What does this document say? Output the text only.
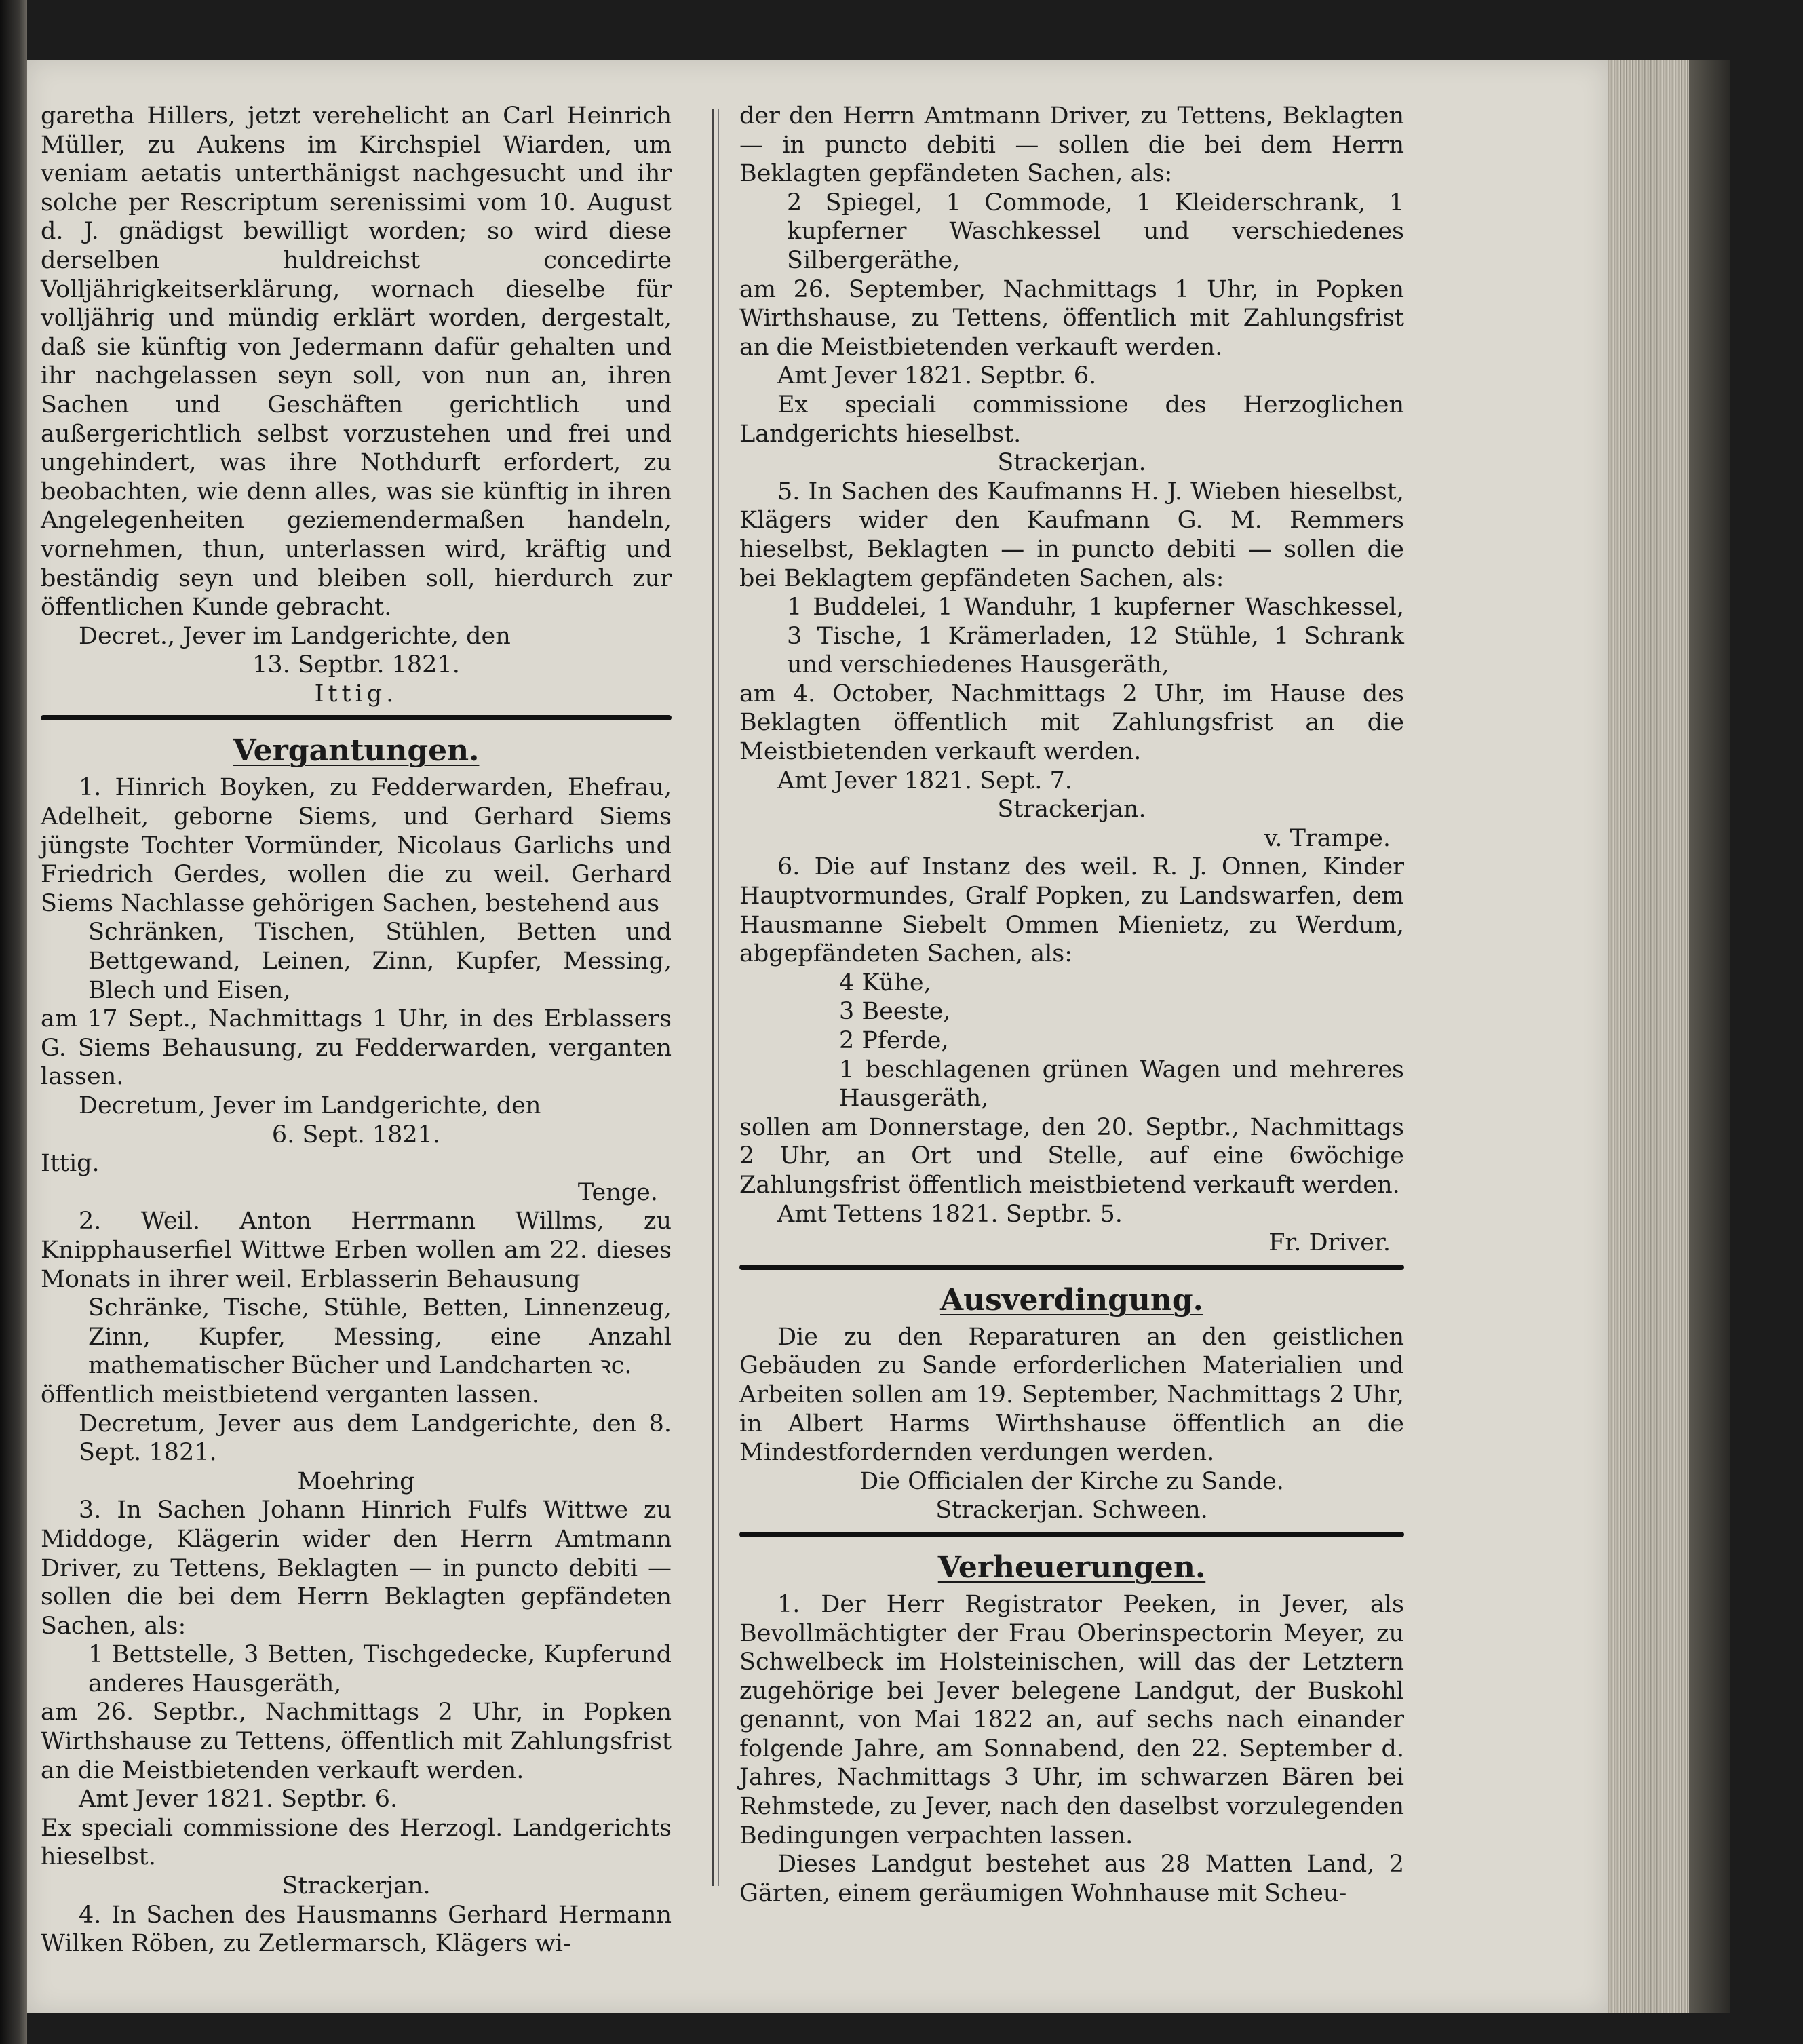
garetha Hillers, jetzt verehelicht an Carl Heinrich Müller, zu Aukens im Kirchspiel Wiarden, um veniam aetatis unterthänigst nachgesucht und ihr solche per Rescriptum serenissimi vom 10. August d. J. gnädigst bewilligt worden; so wird diese derselben huldreichst concedirte Volljährigkeitserklärung, wornach dieselbe für volljährig und mündig erklärt worden, dergestalt, daß sie künftig von Jedermann dafür gehalten und ihr nachgelassen seyn soll, von nun an, ihren Sachen und Geschäften gerichtlich und außergerichtlich selbst vorzustehen und frei und ungehindert, was ihre Nothdurft erfordert, zu beobachten, wie denn alles, was sie künftig in ihren Angelegenheiten geziemendermaßen handeln, vornehmen, thun, unterlassen wird, kräftig und beständig seyn und bleiben soll, hierdurch zur öffentlichen Kunde gebracht.

Decret., Jever im Landgerichte, den

13. Septbr. 1821.

Ittig.

Vergantungen.

1. Hinrich Boyken, zu Fedderwarden, Ehefrau, Adelheit, geborne Siems, und Gerhard Siems jüngste Tochter Vormünder, Nicolaus Garlichs und Friedrich Gerdes, wollen die zu weil. Gerhard Siems Nachlasse gehörigen Sachen, bestehend aus

Schränken, Tischen, Stühlen, Betten und Bettgewand, Leinen, Zinn, Kupfer, Messing, Blech und Eisen,

am 17 Sept., Nachmittags 1 Uhr, in des Erblassers G. Siems Behausung, zu Fedderwarden, verganten lassen.

Decretum, Jever im Landgerichte, den

6. Sept. 1821.

Ittig.

Tenge.

2. Weil. Anton Herrmann Willms, zu Knipphauserfiel Wittwe Erben wollen am 22. dieses Monats in ihrer weil. Erblasserin Behausung

Schränke, Tische, Stühle, Betten, Linnenzeug, Zinn, Kupfer, Messing, eine Anzahl mathematischer Bücher und Landcharten ꝛc.

öffentlich meistbietend verganten lassen.

Decretum, Jever aus dem Landgerichte, den 8. Sept. 1821.

Moehring

3. In Sachen Johann Hinrich Fulfs Wittwe zu Middoge, Klägerin wider den Herrn Amtmann Driver, zu Tettens, Beklagten — in puncto debiti — sollen die bei dem Herrn Beklagten gepfändeten Sachen, als:

1 Bettstelle, 3 Betten, Tischgedecke, Kupferund anderes Hausgeräth,

am 26. Septbr., Nachmittags 2 Uhr, in Popken Wirthshause zu Tettens, öffentlich mit Zahlungsfrist an die Meistbietenden verkauft werden.

Amt Jever 1821. Septbr. 6.

Ex speciali commissione des Herzogl. Landgerichts hieselbst.

Strackerjan.

4. In Sachen des Hausmanns Gerhard Hermann Wilken Röben, zu Zetlermarsch, Klägers wi-

der den Herrn Amtmann Driver, zu Tettens, Beklagten — in puncto debiti — sollen die bei dem Herrn Beklagten gepfändeten Sachen, als:

2 Spiegel, 1 Commode, 1 Kleiderschrank, 1 kupferner Waschkessel und verschiedenes Silbergeräthe,

am 26. September, Nachmittags 1 Uhr, in Popken Wirthshause, zu Tettens, öffentlich mit Zahlungsfrist an die Meistbietenden verkauft werden.

Amt Jever 1821. Septbr. 6.

Ex speciali commissione des Herzoglichen Landgerichts hieselbst.

Strackerjan.

5. In Sachen des Kaufmanns H. J. Wieben hieselbst, Klägers wider den Kaufmann G. M. Remmers hieselbst, Beklagten — in puncto debiti — sollen die bei Beklagtem gepfändeten Sachen, als:

1 Buddelei, 1 Wanduhr, 1 kupferner Waschkessel, 3 Tische, 1 Krämerladen, 12 Stühle, 1 Schrank und verschiedenes Hausgeräth,

am 4. October, Nachmittags 2 Uhr, im Hause des Beklagten öffentlich mit Zahlungsfrist an die Meistbietenden verkauft werden.

Amt Jever 1821. Sept. 7.

Strackerjan.

v. Trampe.

6. Die auf Instanz des weil. R. J. Onnen, Kinder Hauptvormundes, Gralf Popken, zu Landswarfen, dem Hausmanne Siebelt Ommen Mienietz, zu Werdum, abgepfändeten Sachen, als:

4 Kühe,

3 Beeste,

2 Pferde,

1 beschlagenen grünen Wagen und mehreres Hausgeräth,

sollen am Donnerstage, den 20. Septbr., Nachmittags 2 Uhr, an Ort und Stelle, auf eine 6wöchige Zahlungsfrist öffentlich meistbietend verkauft werden.

Amt Tettens 1821. Septbr. 5.

Fr. Driver.

Ausverdingung.

Die zu den Reparaturen an den geistlichen Gebäuden zu Sande erforderlichen Materialien und Arbeiten sollen am 19. September, Nachmittags 2 Uhr, in Albert Harms Wirthshause öffentlich an die Mindestfordernden verdungen werden.

Die Officialen der Kirche zu Sande.

Strackerjan. Schween.

Verheuerungen.

1. Der Herr Registrator Peeken, in Jever, als Bevollmächtigter der Frau Oberinspectorin Meyer, zu Schwelbeck im Holsteinischen, will das der Letztern zugehörige bei Jever belegene Landgut, der Buskohl genannt, von Mai 1822 an, auf sechs nach einander folgende Jahre, am Sonnabend, den 22. September d. Jahres, Nachmittags 3 Uhr, im schwarzen Bären bei Rehmstede, zu Jever, nach den daselbst vorzulegenden Bedingungen verpachten lassen.

Dieses Landgut bestehet aus 28 Matten Land, 2 Gärten, einem geräumigen Wohnhause mit Scheu-
